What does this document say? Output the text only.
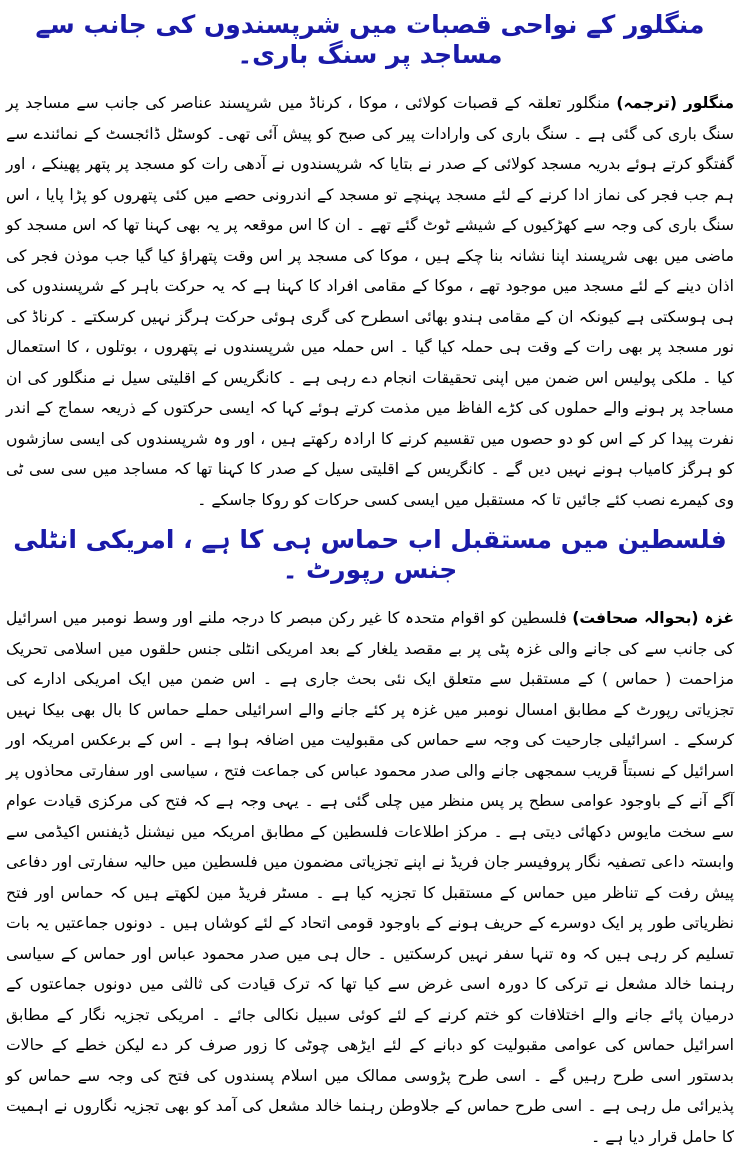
منگلور کے نواحی قصبات میں شرپسندوں کی جانب سے مساجد پر سنگ باری۔

منگلور (ترجمہ) منگلور تعلقہ کے قصبات کولائی ، موکا ، کرناڈ میں شرپسند عناصر کی جانب سے مساجد پر سنگ باری کی گئی ہے ۔ سنگ باری کی وارادات پیر کی صبح کو پیش آئی تھی۔ کوسٹل ڈائجسٹ کے نمائندے سے گفتگو کرتے ہوئے بدریہ مسجد کولائی کے صدر نے بتایا کہ شرپسندوں نے آدھی رات کو مسجد پر پتھر پھینکے ، اور ہم جب فجر کی نماز ادا کرنے کے لئے مسجد پہنچے تو مسجد کے اندرونی حصے میں کئی پتھروں کو پڑا پایا ، اس سنگ باری کی وجہ سے کھڑکیوں کے شیشے ٹوٹ گئے تھے ۔ ان کا اس موقعہ پر یہ بھی کہنا تھا کہ اس مسجد کو ماضی میں بھی شرپسند اپنا نشانہ بنا چکے ہیں ، موکا کی مسجد پر اس وقت پتھراؤ کیا گیا جب موذن فجر کی اذان دینے کے لئے مسجد میں موجود تھے ، موکا کے مقامی افراد کا کہنا ہے کہ یہ حرکت باہر کے شرپسندوں کی ہی ہوسکتی ہے کیونکہ ان کے مقامی ہندو بھائی اسطرح کی گری ہوئی حرکت ہرگز نہیں کرسکتے ۔ کرناڈ کی نور مسجد پر بھی رات کے وقت ہی حملہ کیا گیا ۔ اس حملہ میں شرپسندوں نے پتھروں ، بوتلوں ، کا استعمال کیا ۔ ملکی پولیس اس ضمن میں اپنی تحقیقات انجام دے رہی ہے ۔ کانگریس کے اقلیتی سیل نے منگلور کی ان مساجد پر ہونے والے حملوں کی کڑے الفاظ میں مذمت کرتے ہوئے کہا کہ ایسی حرکتوں کے ذریعہ سماج کے اندر نفرت پیدا کر کے اس کو دو حصوں میں تقسیم کرنے کا ارادہ رکھتے ہیں ، اور وہ شرپسندوں کی ایسی سازشوں کو ہرگز کامیاب ہونے نہیں دیں گے ۔ کانگریس کے اقلیتی سیل کے صدر کا کہنا تھا کہ مساجد میں سی سی ٹی وی کیمرے نصب کئے جائیں تا کہ مستقبل میں ایسی کسی حرکات کو روکا جاسکے ۔

فلسطین میں مستقبل اب حماس ہی کا ہے ، امریکی انٹلی جنس رپورٹ ۔

غزہ (بحوالہ صحافت) فلسطین کو اقوام متحدہ کا غیر رکن مبصر کا درجہ ملنے اور وسط نومبر میں اسرائیل کی جانب سے کی جانے والی غزہ پٹی پر بے مقصد یلغار کے بعد امریکی انٹلی جنس حلقوں میں اسلامی تحریک مزاحمت ( حماس ) کے مستقبل سے متعلق ایک نئی بحث جاری ہے ۔ اس ضمن میں ایک امریکی ادارے کی تجزیاتی رپورٹ کے مطابق امسال نومبر میں غزہ پر کئے جانے والے اسرائیلی حملے حماس کا بال بھی بیکا نہیں کرسکے ۔ اسرائیلی جارحیت کی وجہ سے حماس کی مقبولیت میں اضافہ ہوا ہے ۔ اس کے برعکس امریکہ اور اسرائیل کے نسبتاً قریب سمجھی جانے والی صدر محمود عباس کی جماعت فتح ، سیاسی اور سفارتی محاذوں پر آگے آنے کے باوجود عوامی سطح پر پس منظر میں چلی گئی ہے ۔ یہی وجہ ہے کہ فتح کی مرکزی قیادت عوام سے سخت مایوس دکھائی دیتی ہے ۔ مرکز اطلاعات فلسطین کے مطابق امریکہ میں نیشنل ڈیفنس اکیڈمی سے وابستہ داعی تصفیہ نگار پروفیسر جان فریڈ نے اپنے تجزیاتی مضمون میں فلسطین میں حالیہ سفارتی اور دفاعی پیش رفت کے تناظر میں حماس کے مستقبل کا تجزیہ کیا ہے ۔ مسٹر فریڈ مین لکھتے ہیں کہ حماس اور فتح نظریاتی طور پر ایک دوسرے کے حریف ہونے کے باوجود قومی اتحاد کے لئے کوشاں ہیں ۔ دونوں جماعتیں یہ بات تسلیم کر رہی ہیں کہ وہ تنہا سفر نہیں کرسکتیں ۔ حال ہی میں صدر محمود عباس اور حماس کے سیاسی رہنما خالد مشعل نے ترکی کا دورہ اسی غرض سے کیا تھا کہ ترک قیادت کی ثالثی میں دونوں جماعتوں کے درمیان پائے جانے والے اختلافات کو ختم کرنے کے لئے کوئی سبیل نکالی جائے ۔ امریکی تجزیہ نگار کے مطابق اسرائیل حماس کی عوامی مقبولیت کو دبانے کے لئے ایڑھی چوٹی کا زور صرف کر دے لیکن خطے کے حالات بدستور اسی طرح رہیں گے ۔ اسی طرح پڑوسی ممالک میں اسلام پسندوں کی فتح کی وجہ سے حماس کو پذیرائی مل رہی ہے ۔ اسی طرح حماس کے جلاوطن رہنما خالد مشعل کی آمد کو بھی تجزیہ نگاروں نے اہمیت کا حامل قرار دیا ہے ۔
